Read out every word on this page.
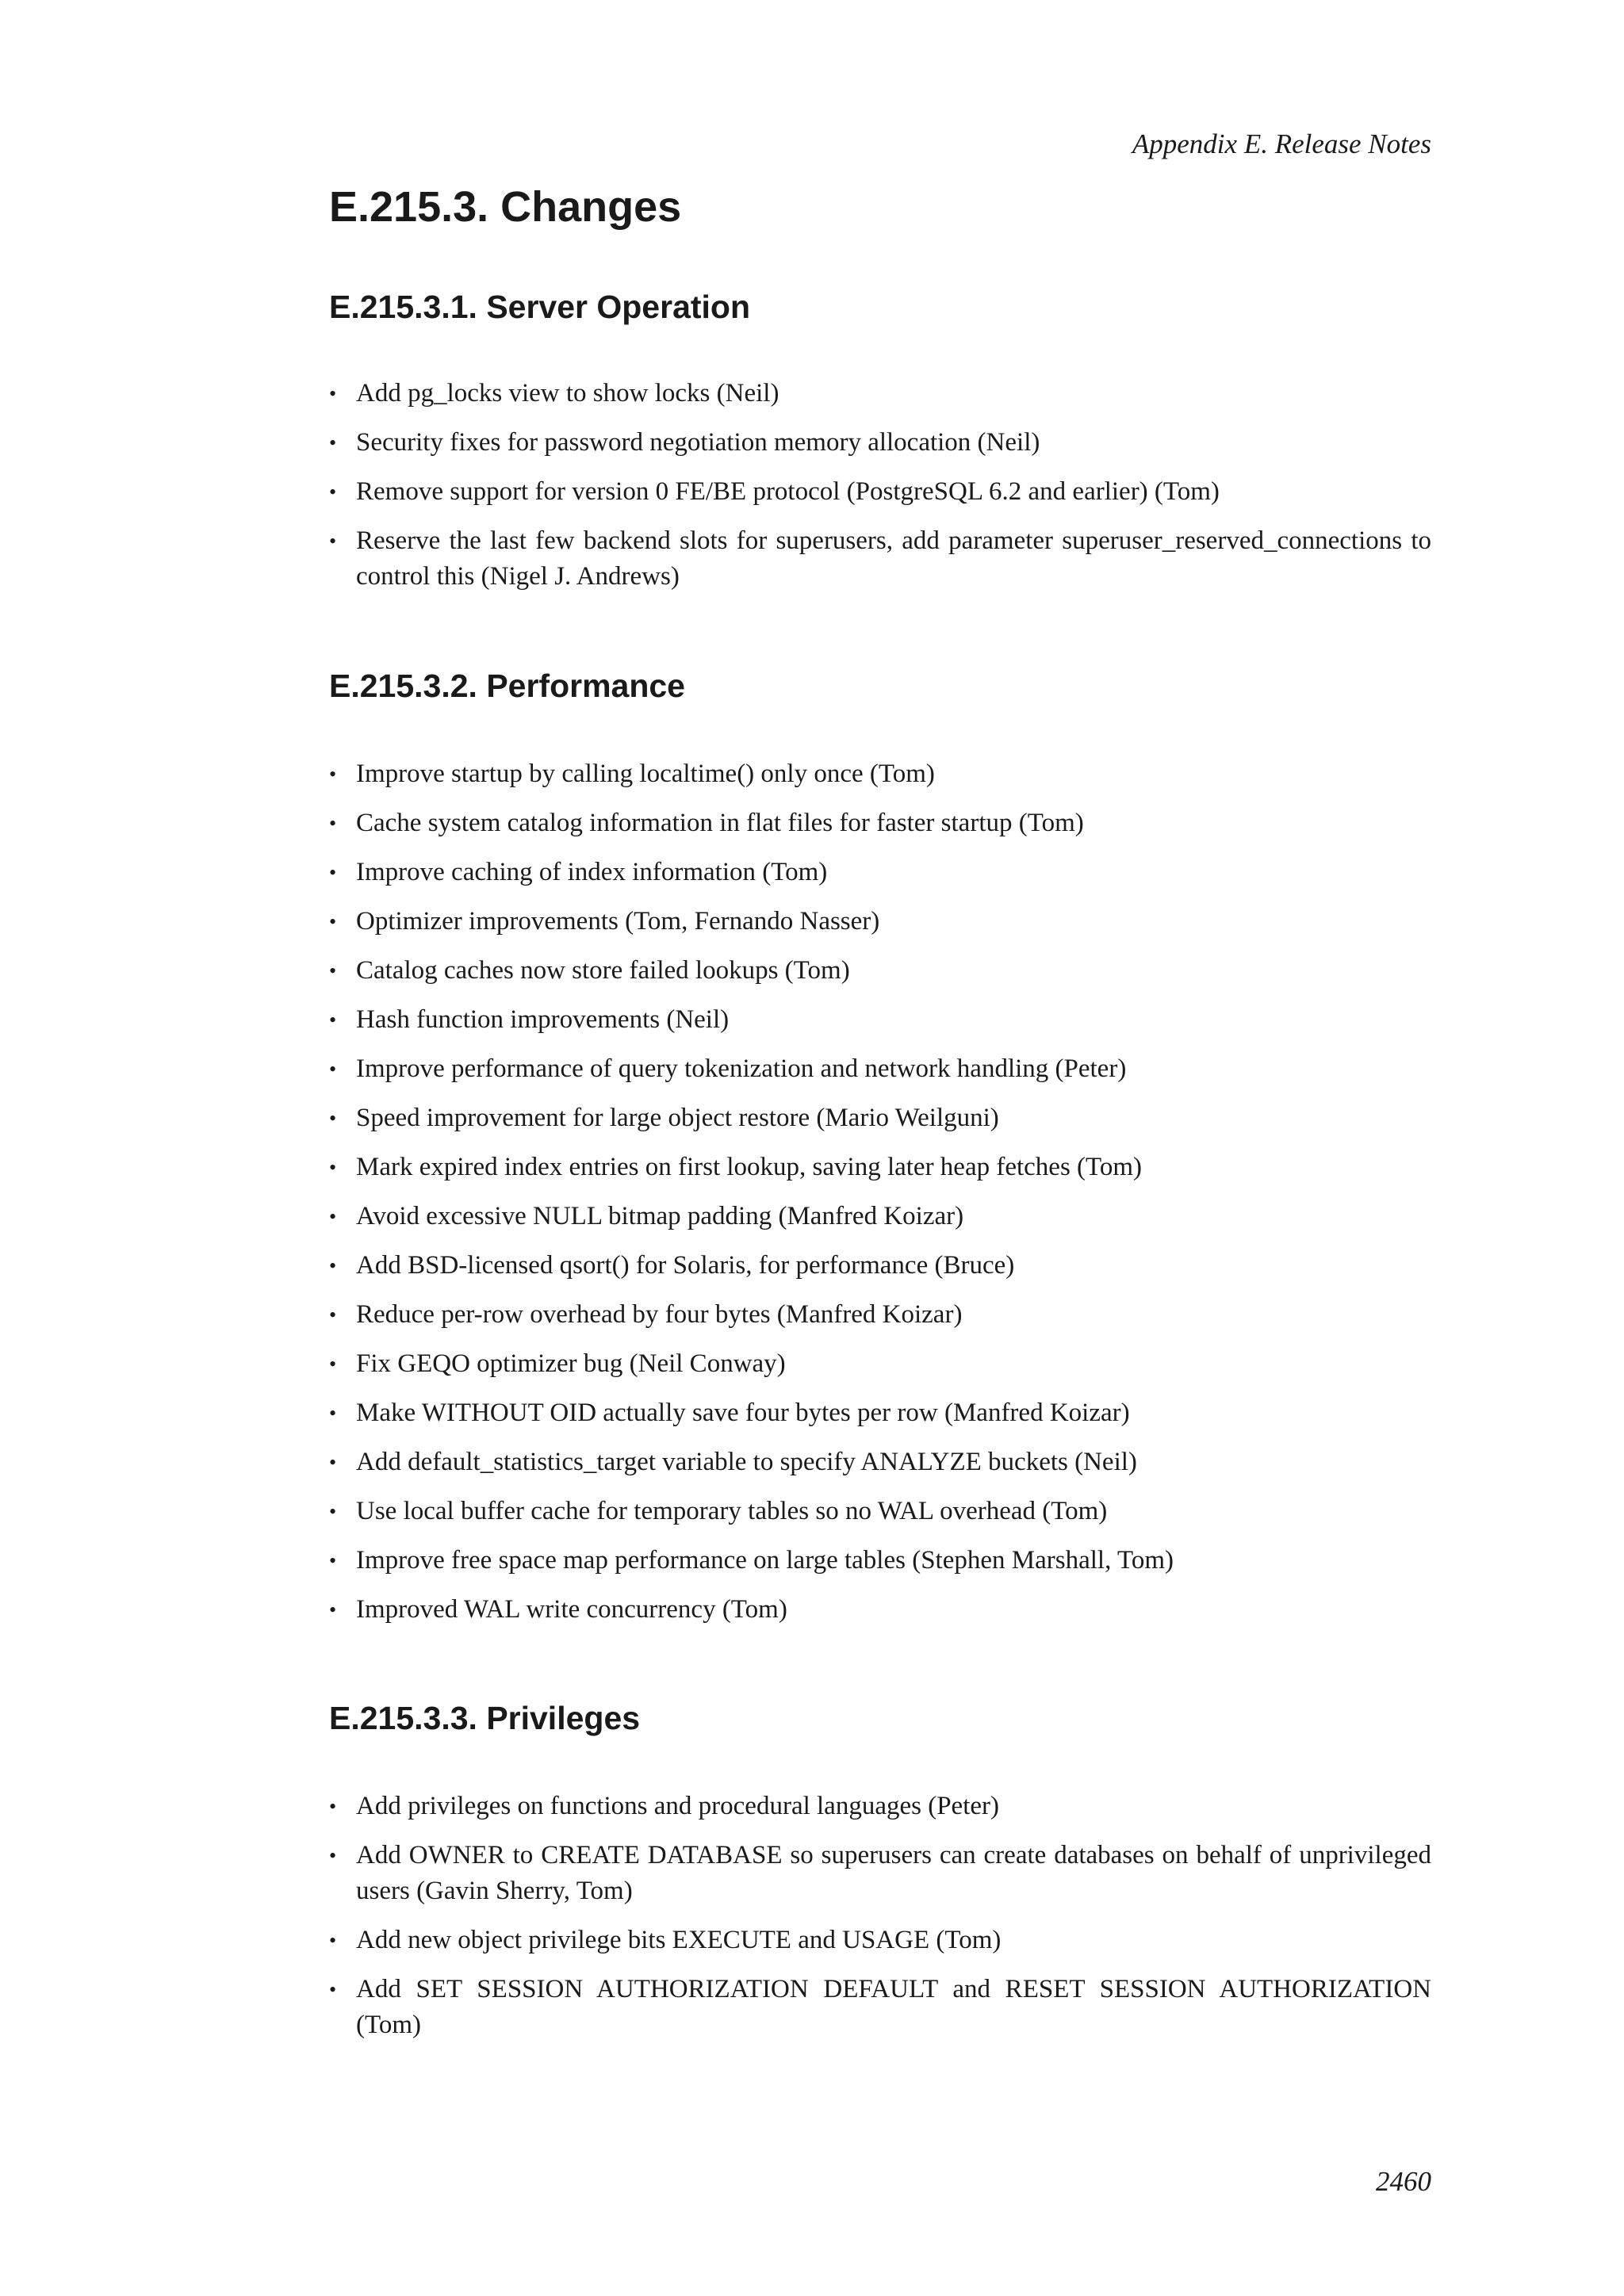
Appendix E. Release Notes
E.215.3. Changes
E.215.3.1. Server Operation
• Add pg_locks view to show locks (Neil)
• Security fixes for password negotiation memory allocation (Neil)
• Remove support for version 0 FE/BE protocol (PostgreSQL 6.2 and earlier) (Tom)
• Reserve the last few backend slots for superusers, add parameter superuser_reserved_connections to control this (Nigel J. Andrews)
E.215.3.2. Performance
• Improve startup by calling localtime() only once (Tom)
• Cache system catalog information in flat files for faster startup (Tom)
• Improve caching of index information (Tom)
• Optimizer improvements (Tom, Fernando Nasser)
• Catalog caches now store failed lookups (Tom)
• Hash function improvements (Neil)
• Improve performance of query tokenization and network handling (Peter)
• Speed improvement for large object restore (Mario Weilguni)
• Mark expired index entries on first lookup, saving later heap fetches (Tom)
• Avoid excessive NULL bitmap padding (Manfred Koizar)
• Add BSD-licensed qsort() for Solaris, for performance (Bruce)
• Reduce per-row overhead by four bytes (Manfred Koizar)
• Fix GEQO optimizer bug (Neil Conway)
• Make WITHOUT OID actually save four bytes per row (Manfred Koizar)
• Add default_statistics_target variable to specify ANALYZE buckets (Neil)
• Use local buffer cache for temporary tables so no WAL overhead (Tom)
• Improve free space map performance on large tables (Stephen Marshall, Tom)
• Improved WAL write concurrency (Tom)
E.215.3.3. Privileges
• Add privileges on functions and procedural languages (Peter)
• Add OWNER to CREATE DATABASE so superusers can create databases on behalf of unprivileged users (Gavin Sherry, Tom)
• Add new object privilege bits EXECUTE and USAGE (Tom)
• Add SET SESSION AUTHORIZATION DEFAULT and RESET SESSION AUTHORIZATION (Tom)
2460
